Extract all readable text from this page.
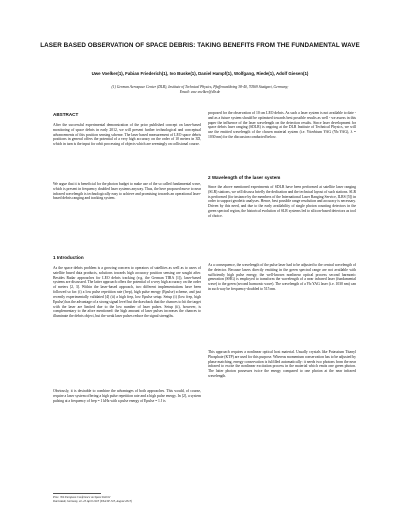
LASER BASED OBSERVATION OF SPACE DEBRIS: TAKING BENEFITS FROM THE FUNDAMENTAL WAVE
Uwe Voelker(1), Fabian Friederich(1), Ivo Buske(1), Daniel Hampf(1), Wolfgang, Riede(1), Adolf Giesen(1)
(1) German Aerospace Center (DLR), Institute of Technical Physics, Pfaffenwaldring 38-40, 70569 Stuttgart, Germany;
Email: uwe.voelker@dlr.de
ABSTRACT
After the successful experimental demonstration of the prior published concept on laser-based monitoring of space debris in early 2012, we will present further technological and conceptual advancements of this position sensing scheme. The laser based measurement of LEO space debris positions in general offers the potential of a very high accuracy on the order of 10 meters in 3D, which in turn is the input for orbit processing of objects which are seemingly on collisional course.
We argue that it is beneficial for the photon budget to make use of the so called fundamental wave, which is present in frequency doubled laser systems anyway. Thus, the here proposed move to near infrared wavelength is technologically easy to achieve and promising towards an operational laser-based debris ranging and tracking system.
1 Introduction
As the space debris problem is a growing concern to operators of satellites as well as to users of satellite based data products, solutions towards high accuracy position sensing are sought after. Besides Radar approaches for LEO debris tracking (e.g. the German TIRA [1]), laser-based systems are discussed. The latter approach offers the potential of a very high accuracy on the order of meters [2, 3]. Within the laser-based approach, two different implementations have been followed so far: (i) a low pulse repetition rate (frep), high pulse energy (Epulse) scheme, and just recently experimentally validated [4] (ii) a high frep, low Epulse setup. Setup (i) (low frep, high Epulse) has the advantage of a strong signal level but the drawback that the chances to hit the target with the laser are limited due to the low number of laser pulses. Setup (ii), however, is complementary to the afore mentioned: the high amount of laser pulses increases the chances to illuminate the debris object, but the weak laser pulses reduce the signal strengths.
Obviously, it is desirable to combine the advantages of both approaches. This would, of course, require a laser system offering a high pulse repetition rate and a high pulse energy. In [2], a system pulsing at a frequency of frep = 1 kHz with a pulse energy of Epulse = 1 J is
proposed for the observation of 10 cm LEO debris. As such a laser system is not available to date - and as a future system should be optimised towards best possible results as well - we assess in this paper the influence of the laser wavelength on the detection results. Since laser development for space debris laser ranging (SDLR) is ongoing at the DLR Institute of Technical Physics, we will use the emitted wavelength of the chosen material system (i.e. Ytterbium YAG (Yb:YAG), λ = 1030 nm) for the discussion conducted below.
2 Wavelength of the laser system
Since the above mentioned experiments of SDLR have been performed at satellite laser ranging (SLR) stations, we will discuss briefly the dedication and the technical layout of such stations. SLR is performed (for instance by the members of the International Laser Ranging Service, ILRS [5]) in order to support geodetic analyses. Hence, best possible range resolution and accuracy is necessary. Driven by this need, and due to the early availability of single photon counting detectors in the green spectral region, the historical evolution of SLR systems led to silicon-based detectors as tool of choice.
As a consequence, the wavelength of the pulse laser had to be adjusted to the central wavelength of the detector. Because lasers directly emitting in the green spectral range are not available with sufficiently high pulse energy, the well-known nonlinear optical process second harmonic generation (SHG) is employed to transform the wavelength of a near infrared laser (fundamental wave) to the green (second harmonic wave). The wavelength of a Yb:YAG laser (i.e. 1030 nm) can in such way be frequency-doubled to 515 nm.
This approach requires a nonlinear optical host material. Usually crystals like Potassium Titanyl Phosphate (KTP) are used for this purpose. Whereas momentum conservation has to be adjusted by phase matching, energy conservation is fulfilled automatically: it needs two photons from the near infrared to excite the nonlinear excitation process in the material which emits one green photon. The latter photon possesses twice the energy compared to one photon at the near infrared wavelength.
Proc. '6th European Conference on Space Debris'
Darmstadt, Germany, 22–25 April 2013 (ESA SP-723, August 2013)
